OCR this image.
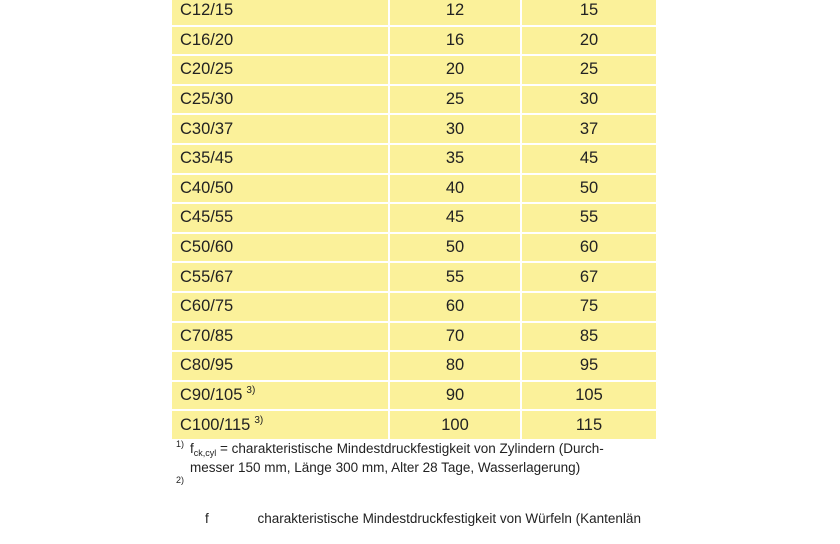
C12/15	12	15
C16/20	16	20
C20/25	20	25
C25/30	25	30
C30/37	30	37
C35/45	35	45
C40/50	40	50
C45/55	45	55
C50/60	50	60
C55/67	55	67
C60/75	60	75
C70/85	70	85
C80/95	80	95
C90/105 $^{3)}$	90	105
C100/115 $^{3)}$	100	115
1) $f_{ck,cyl}$ = charakteristische Mindestdruckfestigkeit von Zylindern (Durch-
messer 150 mm, Länge 300 mm, Alter 28 Tage, Wasserlagerung)

2)

f             charakteristische Mindestdruckfestigkeit von Würfeln (Kantenlän
